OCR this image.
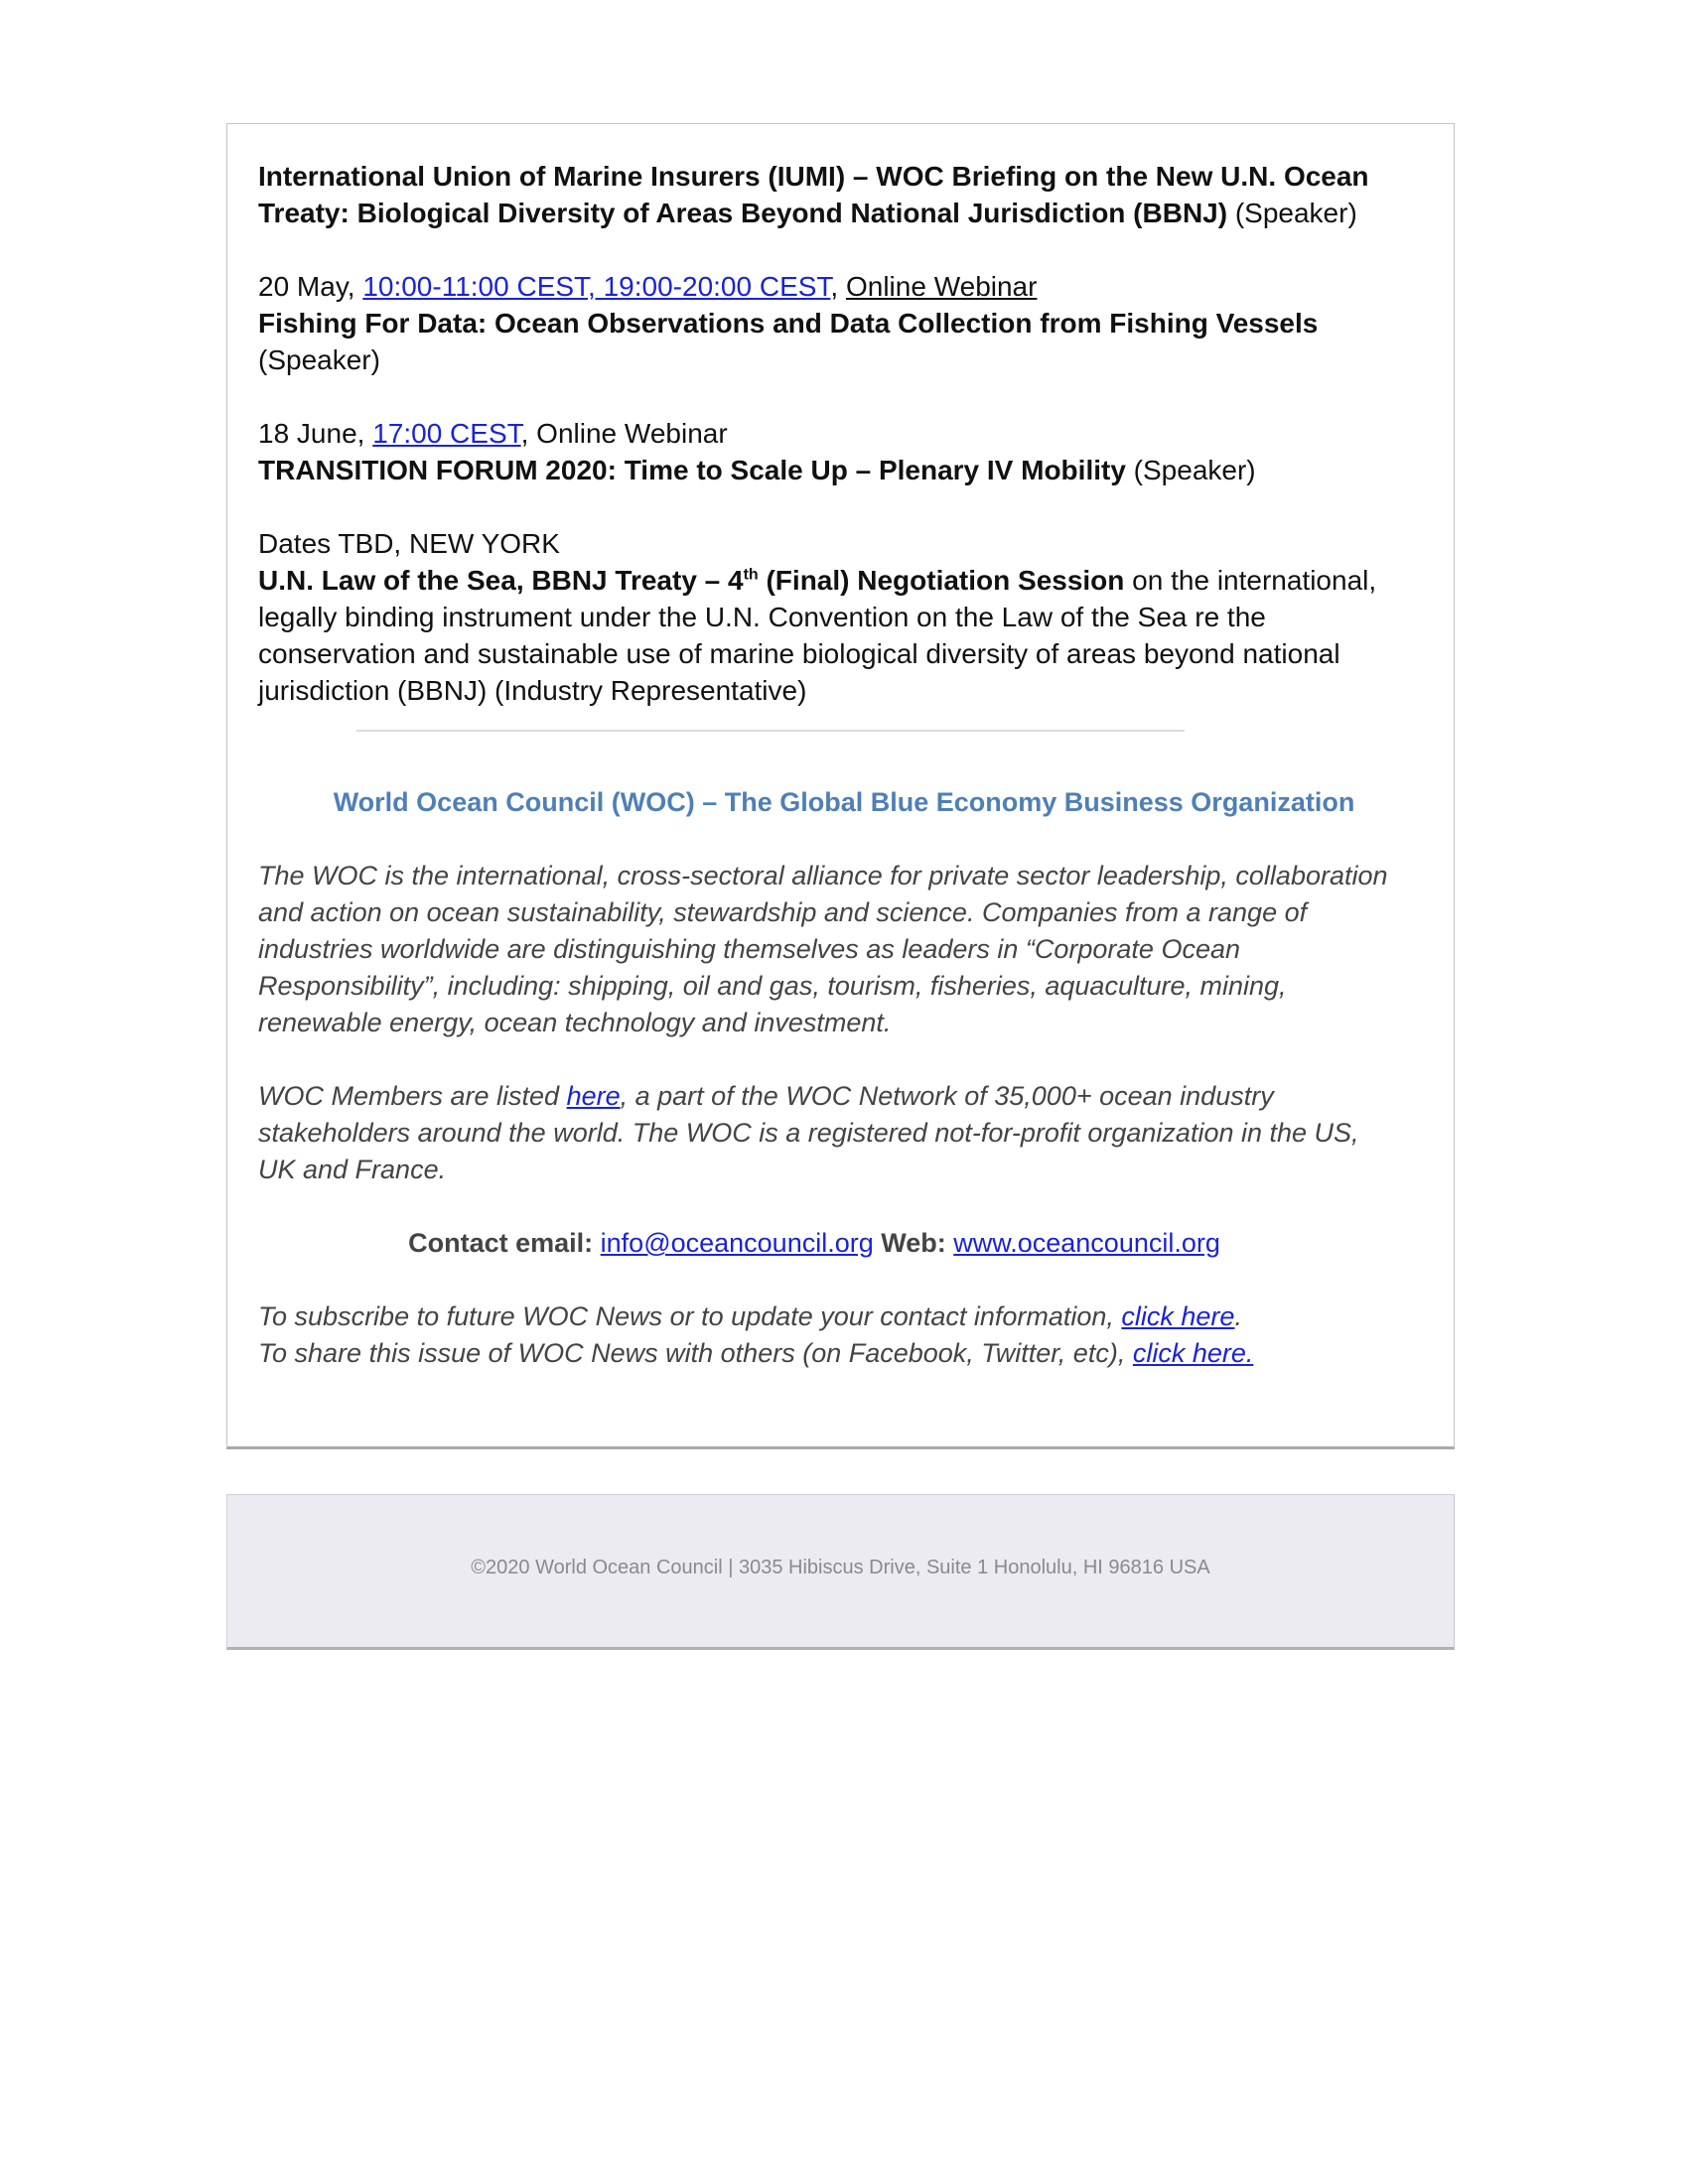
International Union of Marine Insurers (IUMI) – WOC Briefing on the New U.N. Ocean Treaty: Biological Diversity of Areas Beyond National Jurisdiction (BBNJ) (Speaker)
20 May, 10:00-11:00 CEST, 19:00-20:00 CEST, Online Webinar
Fishing For Data: Ocean Observations and Data Collection from Fishing Vessels (Speaker)
18 June, 17:00 CEST, Online Webinar
TRANSITION FORUM 2020: Time to Scale Up – Plenary IV Mobility (Speaker)
Dates TBD, NEW YORK
U.N. Law of the Sea, BBNJ Treaty – 4th (Final) Negotiation Session on the international, legally binding instrument under the U.N. Convention on the Law of the Sea re the conservation and sustainable use of marine biological diversity of areas beyond national jurisdiction (BBNJ) (Industry Representative)
World Ocean Council (WOC) – The Global Blue Economy Business Organization

The WOC is the international, cross-sectoral alliance for private sector leadership, collaboration and action on ocean sustainability, stewardship and science. Companies from a range of industries worldwide are distinguishing themselves as leaders in “Corporate Ocean Responsibility”, including: shipping, oil and gas, tourism, fisheries, aquaculture, mining, renewable energy, ocean technology and investment.

WOC Members are listed here, a part of the WOC Network of 35,000+ ocean industry stakeholders around the world. The WOC is a registered not-for-profit organization in the US, UK and France.

Contact email: info@oceancouncil.org Web: www.oceancouncil.org
To subscribe to future WOC News or to update your contact information, click here.
To share this issue of WOC News with others (on Facebook, Twitter, etc), click here.
©2020 World Ocean Council | 3035 Hibiscus Drive, Suite 1 Honolulu, HI 96816 USA
